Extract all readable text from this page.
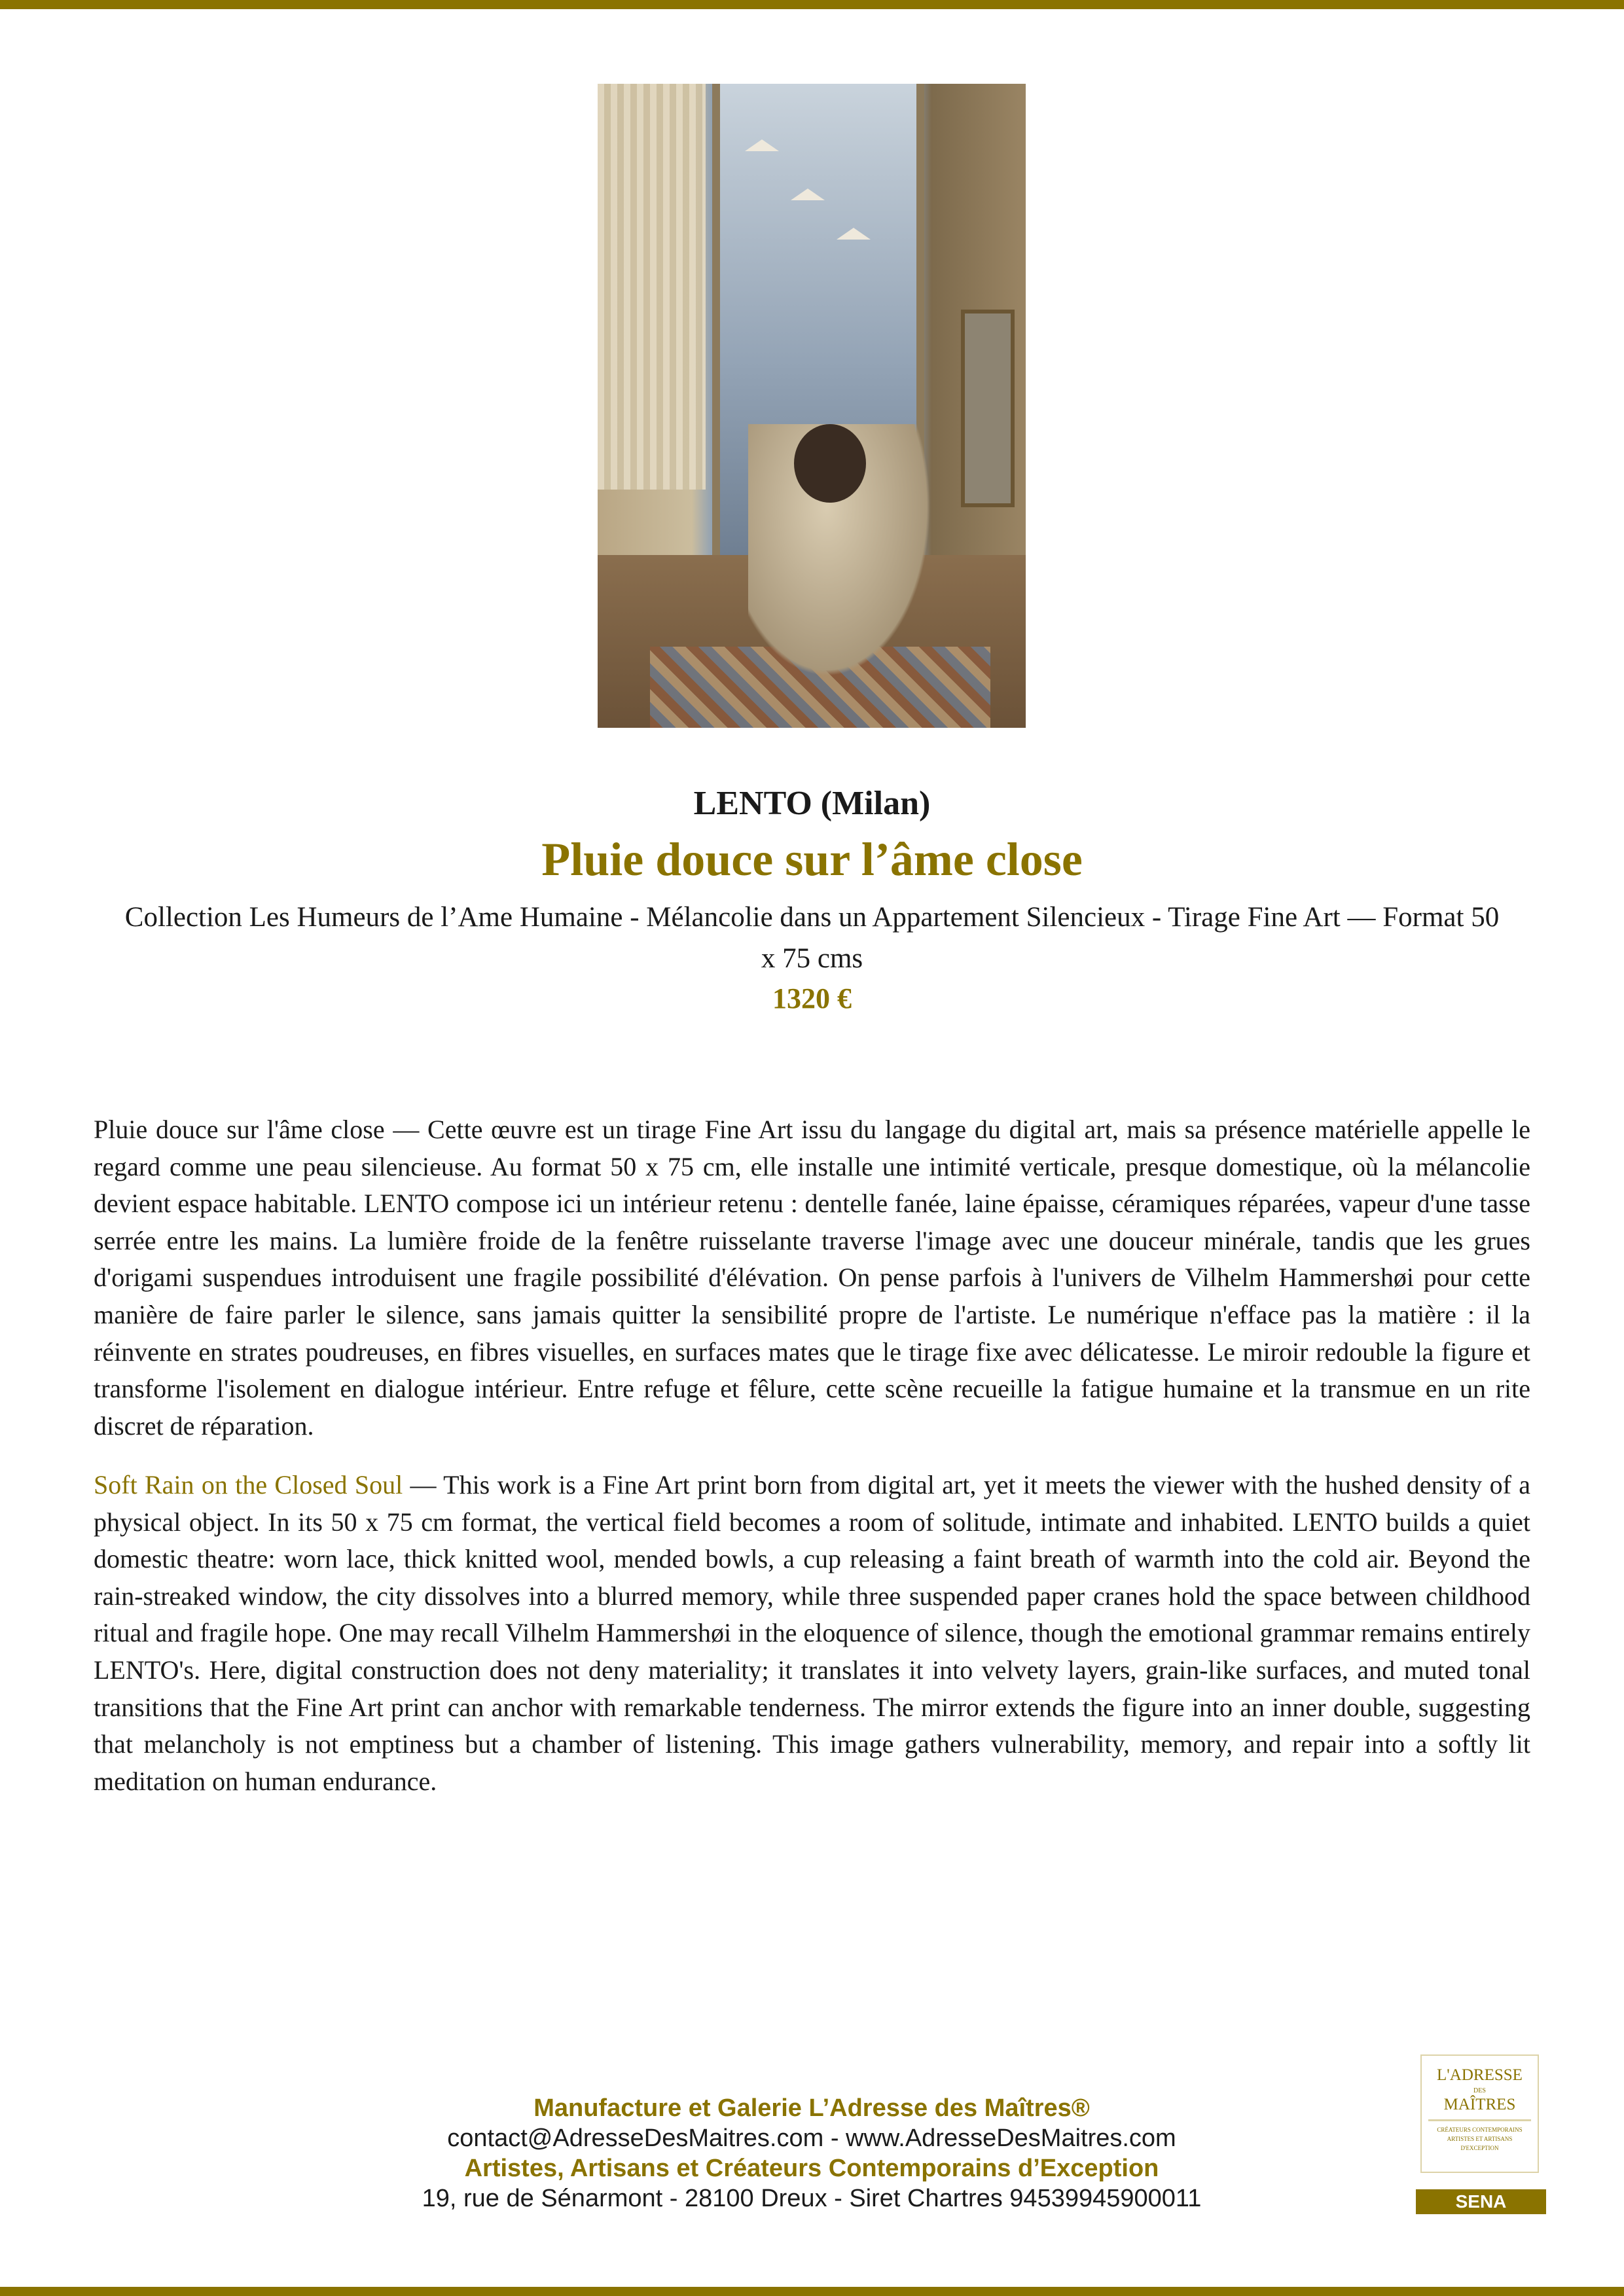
LENTO (Milan)
Pluie douce sur l’âme close
Collection Les Humeurs de l’Ame Humaine - Mélancolie dans un Appartement Silencieux - Tirage Fine Art — Format 50 x 75 cms
1320 €

Pluie douce sur l'âme close — Cette œuvre est un tirage Fine Art issu du langage du digital art, mais sa présence matérielle appelle le regard comme une peau silencieuse. Au format 50 x 75 cm, elle installe une intimité verticale, presque domestique, où la mélancolie devient espace habitable. LENTO compose ici un intérieur retenu : dentelle fanée, laine épaisse, céramiques réparées, vapeur d'une tasse serrée entre les mains. La lumière froide de la fenêtre ruisselante traverse l'image avec une douceur minérale, tandis que les grues d'origami suspendues introduisent une fragile possibilité d'élévation. On pense parfois à l'univers de Vilhelm Hammershøi pour cette manière de faire parler le silence, sans jamais quitter la sensibilité propre de l'artiste. Le numérique n'efface pas la matière : il la réinvente en strates poudreuses, en fibres visuelles, en surfaces mates que le tirage fixe avec délicatesse. Le miroir redouble la figure et transforme l'isolement en dialogue intérieur. Entre refuge et fêlure, cette scène recueille la fatigue humaine et la transmue en un rite discret de réparation.

Soft Rain on the Closed Soul — This work is a Fine Art print born from digital art, yet it meets the viewer with the hushed density of a physical object. In its 50 x 75 cm format, the vertical field becomes a room of solitude, intimate and inhabited. LENTO builds a quiet domestic theatre: worn lace, thick knitted wool, mended bowls, a cup releasing a faint breath of warmth into the cold air. Beyond the rain-streaked window, the city dissolves into a blurred memory, while three suspended paper cranes hold the space between childhood ritual and fragile hope. One may recall Vilhelm Hammershøi in the eloquence of silence, though the emotional grammar remains entirely LENTO's. Here, digital construction does not deny materiality; it translates it into velvety layers, grain-like surfaces, and muted tonal transitions that the Fine Art print can anchor with remarkable tenderness. The mirror extends the figure into an inner double, suggesting that melancholy is not emptiness but a chamber of listening. This image gathers vulnerability, memory, and repair into a softly lit meditation on human endurance.

Manufacture et Galerie L’Adresse des Maîtres®
contact@AdresseDesMaitres.com - www.AdresseDesMaitres.com
Artistes, Artisans et Créateurs Contemporains d’Exception
19, rue de Sénarmont - 28100 Dreux - Siret Chartres 94539945900011
L'ADRESSE
DES
MAÎTRES
CRÉATEURS CONTEMPORAINS
ARTISTES ET ARTISANS
D'EXCEPTION
SENA
